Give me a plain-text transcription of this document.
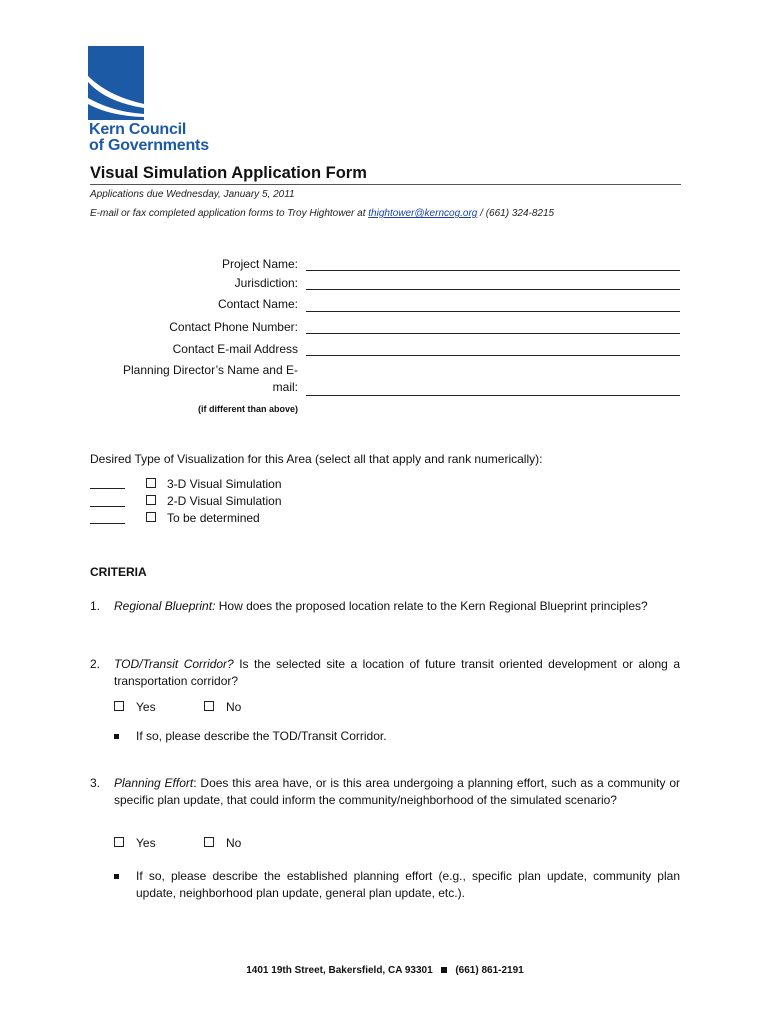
Kern Council
of Governments
Visual Simulation Application Form
Applications due Wednesday, January 5, 2011
E-mail or fax completed application forms to Troy Hightower at thightower@kerncog.org / (661) 324-8215
Project Name:
Jurisdiction:
Contact Name:
Contact Phone Number:
Contact E-mail Address
Planning Director’s Name and E-
mail:
(if different than above)
Desired Type of Visualization for this Area (select all that apply and rank numerically):
3-D Visual Simulation
2-D Visual Simulation
To be determined
CRITERIA
1. Regional Blueprint: How does the proposed location relate to the Kern Regional Blueprint principles?
2. TOD/Transit Corridor? Is the selected site a location of future transit oriented development or along a transportation corridor?
Yes	No
If so, please describe the TOD/Transit Corridor.
3. Planning Effort: Does this area have, or is this area undergoing a planning effort, such as a community or specific plan update, that could inform the community/neighborhood of the simulated scenario?
Yes	No
If so, please describe the established planning effort (e.g., specific plan update, community plan update, neighborhood plan update, general plan update, etc.).
1401 19th Street, Bakersfield, CA 93301 (661) 861-2191
